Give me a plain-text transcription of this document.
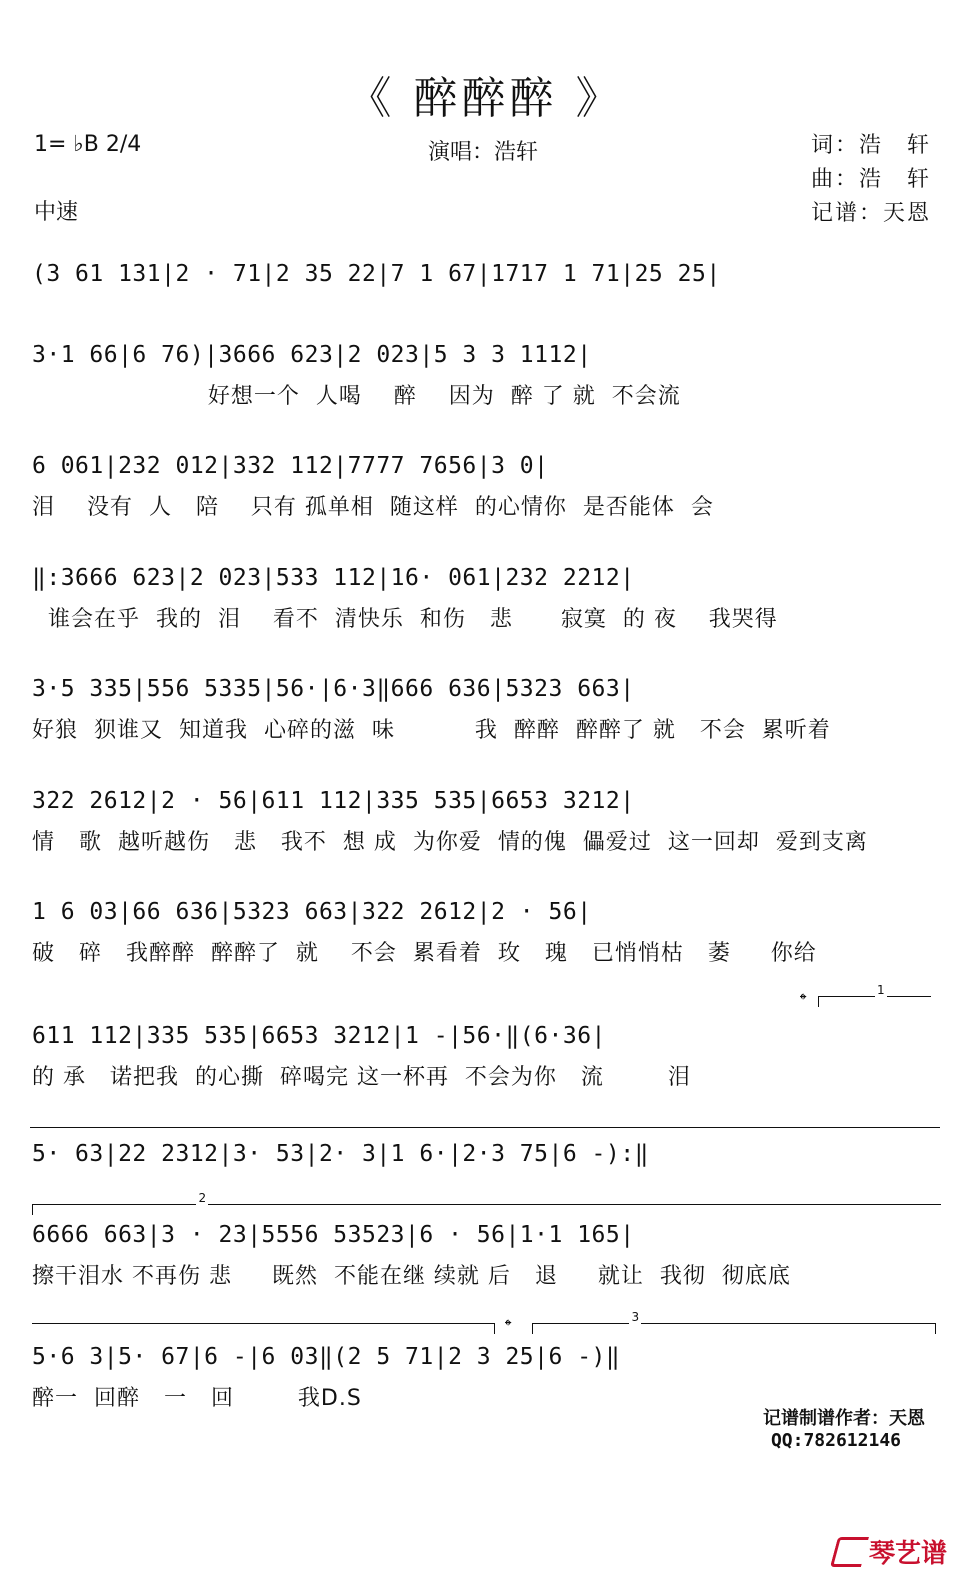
《 醉醉醉 》
1= ♭B 2/4
中速
演唱：浩轩	词：浩　轩
曲：浩　轩
记谱：天恩
(3 61 131|2 · 71|2 35 22|7 1 67|1717 1 71|25 25|
3·1 66|6 76)|3666 623|2 023|5 3 3 1112|
好想一个  人喝    醉    因为  醉 了 就  不会流
6 061|232 012|332 112|7777 7656|3 0|
泪    没有  人   陪    只有 孤单相  随这样  的心情你  是否能体  会
‖:3666 623|2 023|533 112|16· 061|232 2212|
谁会在乎  我的  泪    看不  清快乐  和伤   悲      寂寞  的 夜    我哭得
3·5 335|556 5335|56·|6·3‖666 636|5323 663|
好狼  狈谁又  知道我  心碎的滋  味          我  醉醉  醉醉了 就   不会  累听着
322 2612|2 · 56|611 112|335 535|6653 3212|
情   歌  越听越伤   悲   我不  想 成  为你爱  情的傀  儡爱过  这一回却  爱到支离
1 6 03|66 636|5323 663|322 2612|2 · 56|
破   碎   我醉醉  醉醉了  就    不会  累看着  玫   瑰   已悄悄枯   萎     你给
1
𝄌
611 112|335 535|6653 3212|1 -|56·‖(6·36|
的 承   诺把我  的心撕  碎喝完 这一杯再  不会为你   流        泪
5· 63|22 2312|3· 53|2· 3|1 6·|2·3 75|6 -):‖
2
6666 663|3 · 23|5556 53523|6 · 56|1·1 165|
擦干泪水 不再伤 悲     既然  不能在继 续就 后   退     就让  我彻  彻底底
𝄌	3
5·6 3|5· 67|6 -|6 03‖(2 5 71|2 3 25|6 -)‖
醉一  回醉   一   回        我D.S
记谱制谱作者：天恩
QQ:782612146
琴艺谱
